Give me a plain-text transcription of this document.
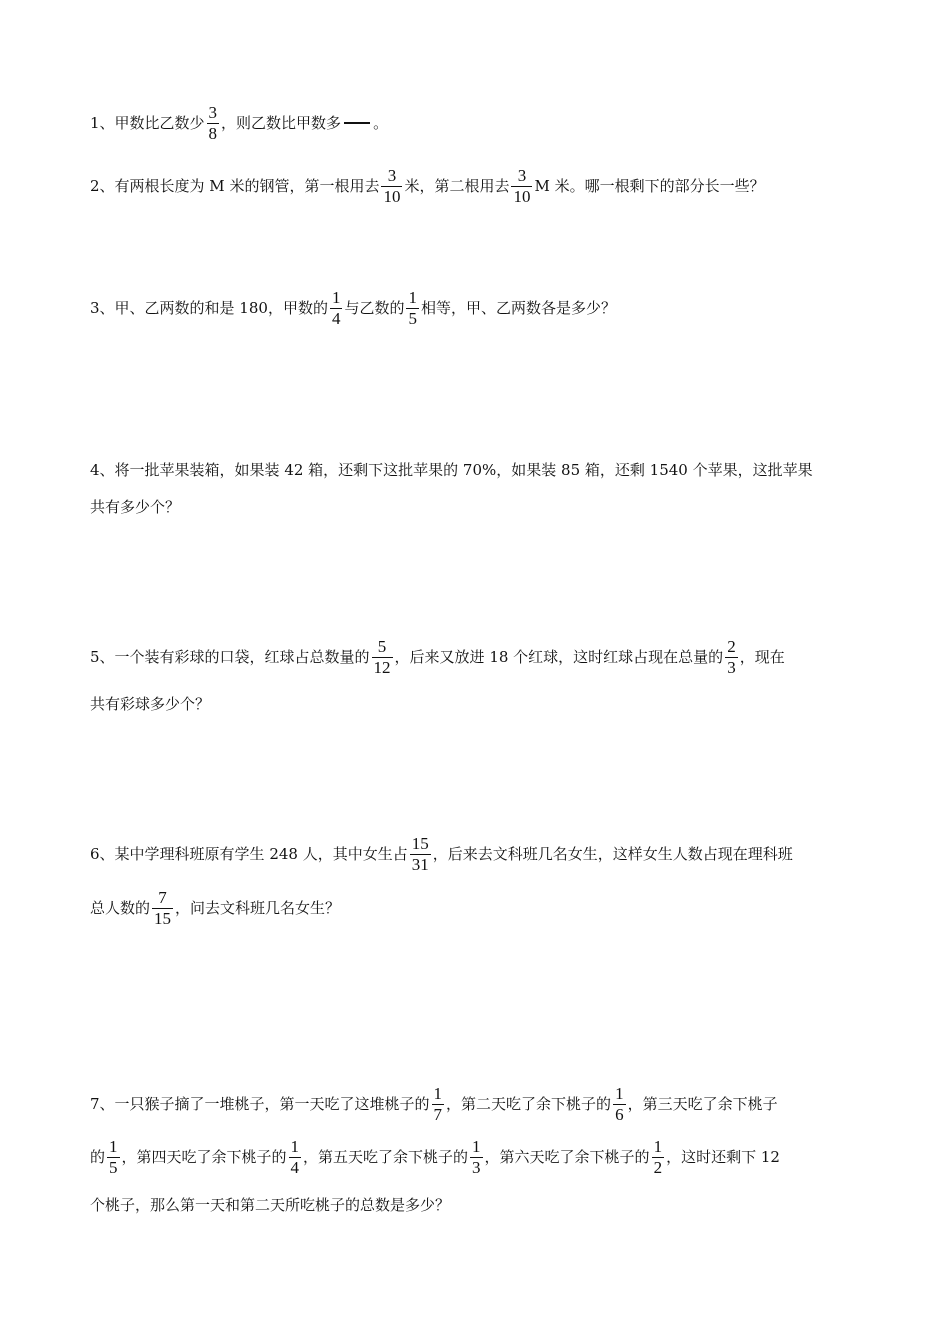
1、甲数比乙数少 $\frac{3}{8}$ ，则乙数比甲数多 。
2、有两根长度为 M 米的钢管，第一根用去 $\frac{3}{10}$ 米，第二根用去 $\frac{3}{10}$ M 米。哪一根剩下的部分长一些？
3、甲、乙两数的和是 180，甲数的 $\frac{1}{4}$ 与乙数的 $\frac{1}{5}$ 相等，甲、乙两数各是多少？
4、将一批苹果装箱，如果装 42 箱，还剩下这批苹果的 70%，如果装 85 箱，还剩 1540 个苹果，这批苹果
共有多少个？
5、一个装有彩球的口袋，红球占总数量的 $\frac{5}{12}$ ，后来又放进 18 个红球，这时红球占现在总量的 $\frac{2}{3}$ ，现在
共有彩球多少个？
6、某中学理科班原有学生 248 人，其中女生占 $\frac{15}{31}$ ，后来去文科班几名女生，这样女生人数占现在理科班
总人数的 $\frac{7}{15}$ ，问去文科班几名女生？
7、一只猴子摘了一堆桃子，第一天吃了这堆桃子的 $\frac{1}{7}$ ，第二天吃了余下桃子的 $\frac{1}{6}$ ，第三天吃了余下桃子
的 $\frac{1}{5}$ ，第四天吃了余下桃子的 $\frac{1}{4}$ ，第五天吃了余下桃子的 $\frac{1}{3}$ ，第六天吃了余下桃子的 $\frac{1}{2}$ ，这时还剩下 12
个桃子，那么第一天和第二天所吃桃子的总数是多少？
